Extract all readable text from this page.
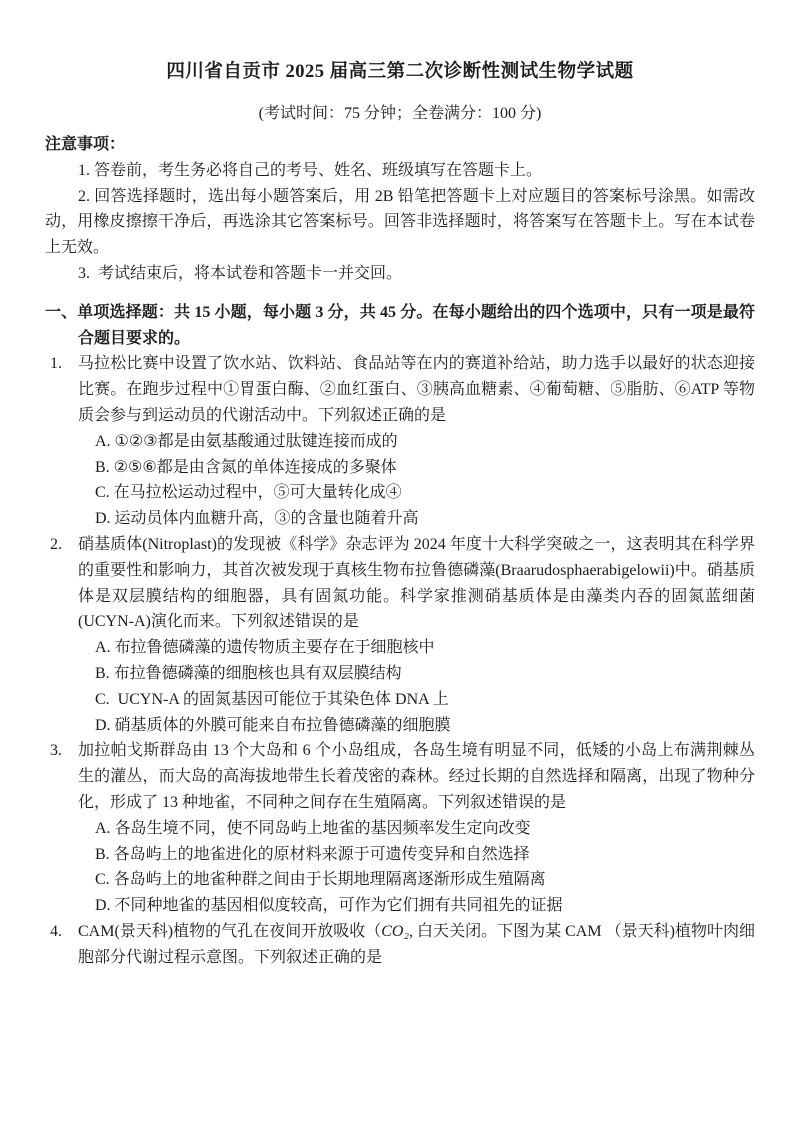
四川省自贡市 2025 届高三第二次诊断性测试生物学试题
(考试时间：75 分钟；全卷满分：100 分)
注意事项：

1. 答卷前，考生务必将自己的考号、姓名、班级填写在答题卡上。

2. 回答选择题时，选出每小题答案后，用 2B 铅笔把答题卡上对应题目的答案标号涂黑。如需改动，用橡皮擦擦干净后，再选涂其它答案标号。回答非选择题时，将答案写在答题卡上。写在本试卷上无效。

3.  考试结束后，将本试卷和答题卡一并交回。

一、单项选择题：共 15 小题，每小题 3 分，共 45 分。在每小题给出的四个选项中，只有一项是最符合题目要求的。
1. 马拉松比赛中设置了饮水站、饮料站、食品站等在内的赛道补给站，助力选手以最好的状态迎接比赛。在跑步过程中①胃蛋白酶、②血红蛋白、③胰高血糖素、④葡萄糖、⑤脂肪、⑥ATP 等物质会参与到运动员的代谢活动中。下列叙述正确的是
A. ①②③都是由氨基酸通过肽键连接而成的
B. ②⑤⑥都是由含氮的单体连接成的多聚体
C. 在马拉松运动过程中，⑤可大量转化成④
D. 运动员体内血糖升高，③的含量也随着升高
2. 硝基质体(Nitroplast)的发现被《科学》杂志评为 2024 年度十大科学突破之一，这表明其在科学界的重要性和影响力，其首次被发现于真核生物布拉鲁德磷藻(Braarudosphaerabigelowii)中。硝基质体是双层膜结构的细胞器，具有固氮功能。科学家推测硝基质体是由藻类内吞的固氮蓝细菌(UCYN-A)演化而来。下列叙述错误的是
A. 布拉鲁德磷藻的遗传物质主要存在于细胞核中
B. 布拉鲁德磷藻的细胞核也具有双层膜结构
C.  UCYN-A 的固氮基因可能位于其染色体 DNA 上
D. 硝基质体的外膜可能来自布拉鲁德磷藻的细胞膜
3. 加拉帕戈斯群岛由 13 个大岛和 6 个小岛组成，各岛生境有明显不同，低矮的小岛上布满荆棘丛生的灌丛，而大岛的高海拔地带生长着茂密的森林。经过长期的自然选择和隔离，出现了物种分化，形成了 13 种地雀，不同种之间存在生殖隔离。下列叙述错误的是
A. 各岛生境不同，使不同岛屿上地雀的基因频率发生定向改变
B. 各岛屿上的地雀进化的原材料来源于可遗传变异和自然选择
C. 各岛屿上的地雀种群之间由于长期地理隔离逐渐形成生殖隔离
D. 不同种地雀的基因相似度较高，可作为它们拥有共同祖先的证据
4. CAM(景天科)植物的气孔在夜间开放吸收（CO₂, 白天关闭。下图为某 CAM （景天科)植物叶肉细胞部分代谢过程示意图。下列叙述正确的是
